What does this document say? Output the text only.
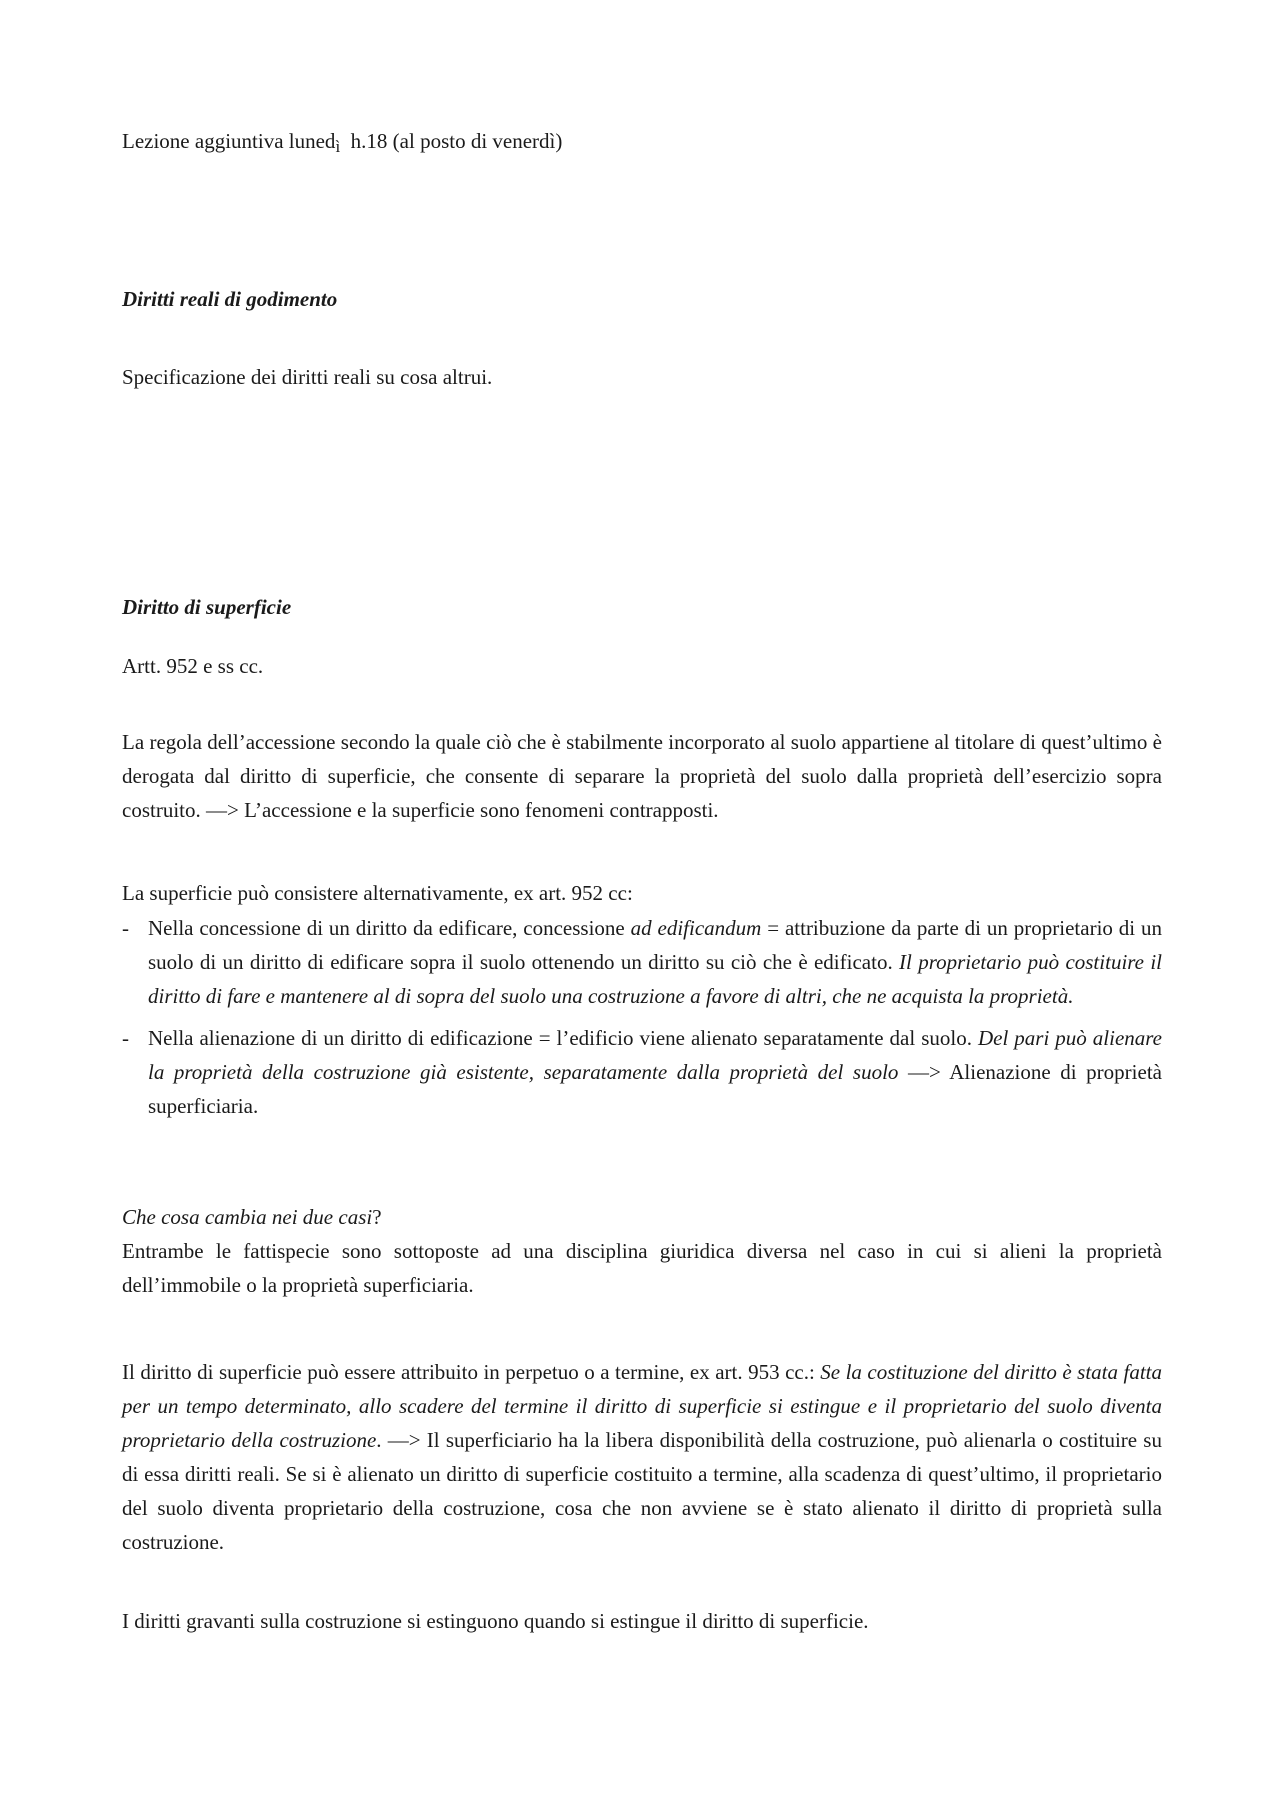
Lezione aggiuntiva lunedì h.18 (al posto di venerdì)

Diritti reali di godimento

Specificazione dei diritti reali su cosa altrui.

Diritto di superficie

Artt. 952 e ss cc.

La regola dell’accessione secondo la quale ciò che è stabilmente incorporato al suolo appartiene al titolare di quest’ultimo è derogata dal diritto di superficie, che consente di separare la proprietà del suolo dalla proprietà dell’esercizio sopra costruito. —> L’accessione e la superficie sono fenomeni contrapposti.

La superficie può consistere alternativamente, ex art. 952 cc:

- Nella concessione di un diritto da edificare, concessione ad edificandum = attribuzione da parte di un proprietario di un suolo di un diritto di edificare sopra il suolo ottenendo un diritto su ciò che è edificato. Il proprietario può costituire il diritto di fare e mantenere al di sopra del suolo una costruzione a favore di altri, che ne acquista la proprietà.
- Nella alienazione di un diritto di edificazione = l’edificio viene alienato separatamente dal suolo. Del pari può alienare la proprietà della costruzione già esistente, separatamente dalla proprietà del suolo —> Alienazione di proprietà superficiaria.

Che cosa cambia nei due casi?

Entrambe le fattispecie sono sottoposte ad una disciplina giuridica diversa nel caso in cui si alieni la proprietà dell’immobile o la proprietà superficiaria.

Il diritto di superficie può essere attribuito in perpetuo o a termine, ex art. 953 cc.: Se la costituzione del diritto è stata fatta per un tempo determinato, allo scadere del termine il diritto di superficie si estingue e il proprietario del suolo diventa proprietario della costruzione. —> Il superficiario ha la libera disponibilità della costruzione, può alienarla o costituire su di essa diritti reali. Se si è alienato un diritto di superficie costituito a termine, alla scadenza di quest’ultimo, il proprietario del suolo diventa proprietario della costruzione, cosa che non avviene se è stato alienato il diritto di proprietà sulla costruzione.

I diritti gravanti sulla costruzione si estinguono quando si estingue il diritto di superficie.
